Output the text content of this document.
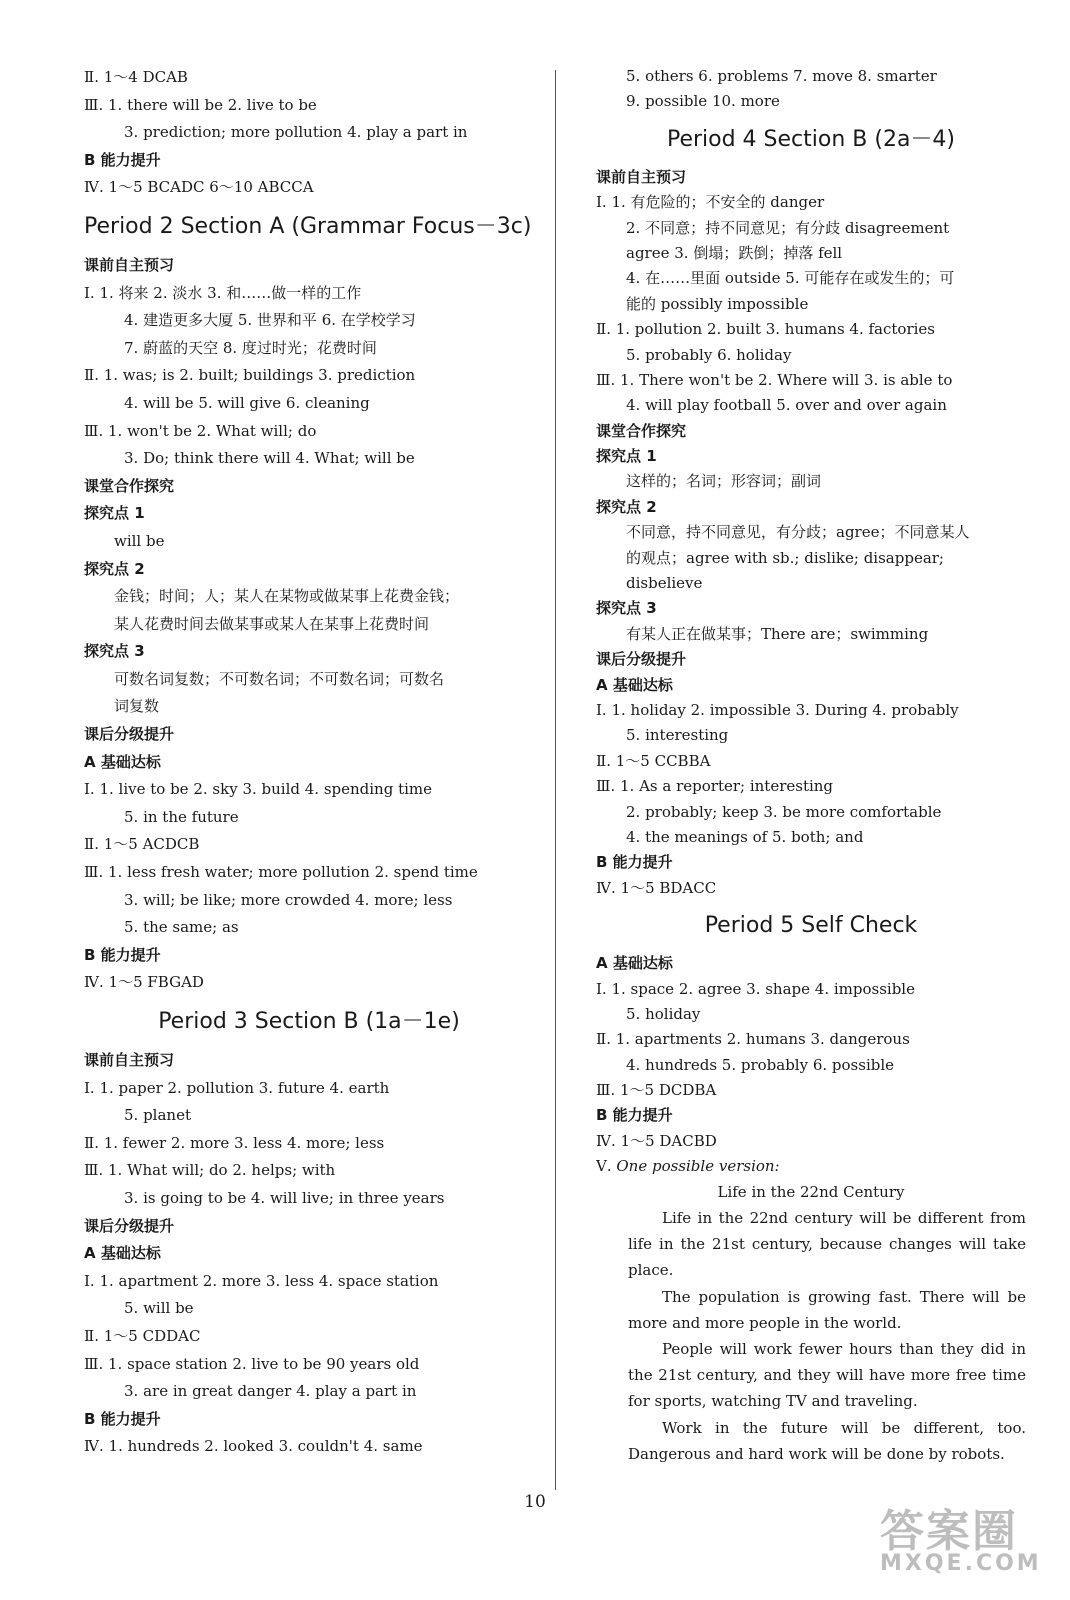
Ⅱ. 1～4 DCAB
Ⅲ. 1. there will be 2. live to be
3. prediction; more pollution 4. play a part in
B 能力提升
Ⅳ. 1～5 BCADC 6～10 ABCCA
Period 2 Section A (Grammar Focus－3c)
课前自主预习
Ⅰ. 1. 将来 2. 淡水 3. 和……做一样的工作
4. 建造更多大厦 5. 世界和平 6. 在学校学习
7. 蔚蓝的天空 8. 度过时光；花费时间
Ⅱ. 1. was; is 2. built; buildings 3. prediction
4. will be 5. will give 6. cleaning
Ⅲ. 1. won't be 2. What will; do
3. Do; think there will 4. What; will be
课堂合作探究
探究点 1
will be
探究点 2
金钱；时间；人；某人在某物或做某事上花费金钱；
某人花费时间去做某事或某人在某事上花费时间
探究点 3
可数名词复数；不可数名词；不可数名词；可数名
词复数
课后分级提升
A 基础达标
Ⅰ. 1. live to be 2. sky 3. build 4. spending time
5. in the future
Ⅱ. 1～5 ACDCB
Ⅲ. 1. less fresh water; more pollution 2. spend time
3. will; be like; more crowded 4. more; less
5. the same; as
B 能力提升
Ⅳ. 1～5 FBGAD
Period 3 Section B (1a－1e)
课前自主预习
Ⅰ. 1. paper 2. pollution 3. future 4. earth
5. planet
Ⅱ. 1. fewer 2. more 3. less 4. more; less
Ⅲ. 1. What will; do 2. helps; with
3. is going to be 4. will live; in three years
课后分级提升
A 基础达标
Ⅰ. 1. apartment 2. more 3. less 4. space station
5. will be
Ⅱ. 1～5 CDDAC
Ⅲ. 1. space station 2. live to be 90 years old
3. are in great danger 4. play a part in
B 能力提升
Ⅳ. 1. hundreds 2. looked 3. couldn't 4. same
5. others 6. problems 7. move 8. smarter
9. possible 10. more
Period 4 Section B (2a－4)
课前自主预习
Ⅰ. 1. 有危险的；不安全的 danger
2. 不同意；持不同意见；有分歧 disagreement
agree 3. 倒塌；跌倒；掉落 fell
4. 在……里面 outside 5. 可能存在或发生的；可
能的 possibly impossible
Ⅱ. 1. pollution 2. built 3. humans 4. factories
5. probably 6. holiday
Ⅲ. 1. There won't be 2. Where will 3. is able to
4. will play football 5. over and over again
课堂合作探究
探究点 1
这样的；名词；形容词；副词
探究点 2
不同意，持不同意见，有分歧；agree；不同意某人
的观点；agree with sb.; dislike; disappear;
disbelieve
探究点 3
有某人正在做某事；There are；swimming
课后分级提升
A 基础达标
Ⅰ. 1. holiday 2. impossible 3. During 4. probably
5. interesting
Ⅱ. 1～5 CCBBA
Ⅲ. 1. As a reporter; interesting
2. probably; keep 3. be more comfortable
4. the meanings of 5. both; and
B 能力提升
Ⅳ. 1～5 BDACC
Period 5 Self Check
A 基础达标
Ⅰ. 1. space 2. agree 3. shape 4. impossible
5. holiday
Ⅱ. 1. apartments 2. humans 3. dangerous
4. hundreds 5. probably 6. possible
Ⅲ. 1～5 DCDBA
B 能力提升
Ⅳ. 1～5 DACBD
Ⅴ. One possible version:
Life in the 22nd Century

Life in the 22nd century will be different from life in the 21st century, because changes will take place.

The population is growing fast. There will be more and more people in the world.

People will work fewer hours than they did in the 21st century, and they will have more free time for sports, watching TV and traveling.

Work in the future will be different, too. Dangerous and hard work will be done by robots.

10
答案圈
MXQE.COM
